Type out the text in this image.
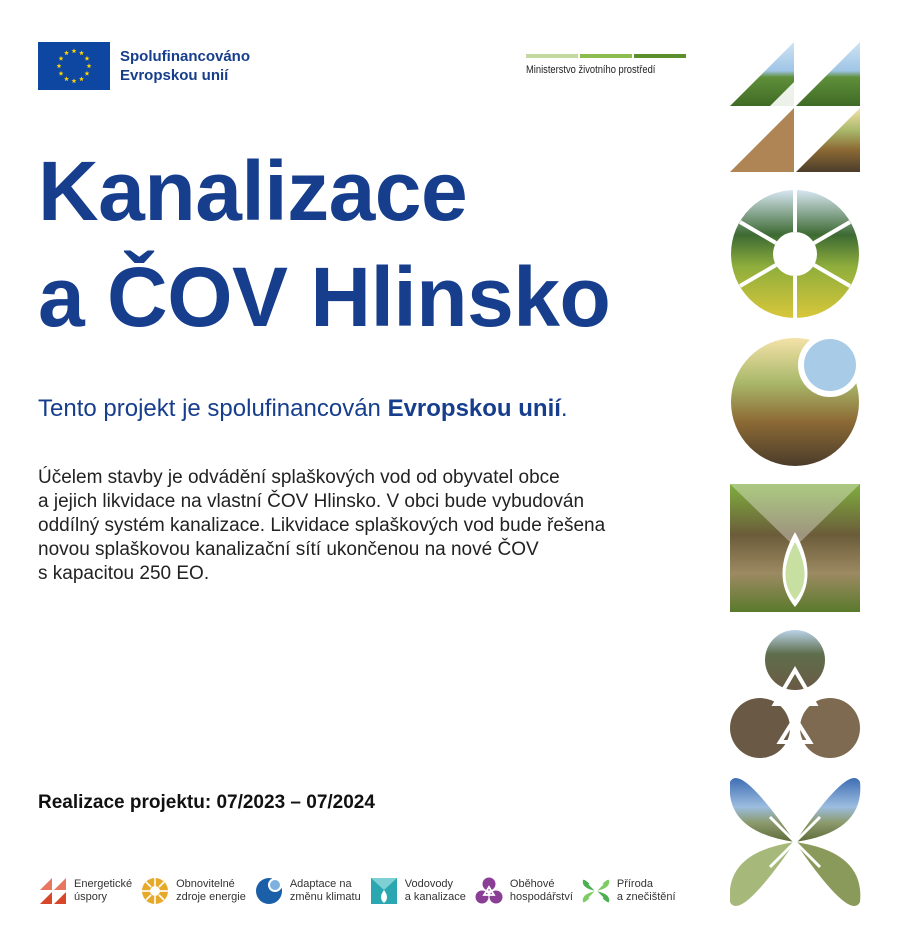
Spolufinancováno
Evropskou unií	Ministerstvo životního prostředí
Kanalizace
a ČOV Hlinsko
Tento projekt je spolufinancován Evropskou unií.
Účelem stavby je odvádění splaškových vod od obyvatel obce
a jejich likvidace na vlastní ČOV Hlinsko. V obci bude vybudován
oddílný systém kanalizace. Likvidace splaškových vod bude řešena
novou splaškovou kanalizační sítí ukončenou na nové ČOV
s kapacitou 250 EO.
Realizace projektu: 07/2023 – 07/2024
Energetické
úspory
Obnovitelné
zdroje energie
Adaptace na
změnu klimatu
Vodovody
a kanalizace
Oběhové
hospodářství
Příroda
a znečištění
